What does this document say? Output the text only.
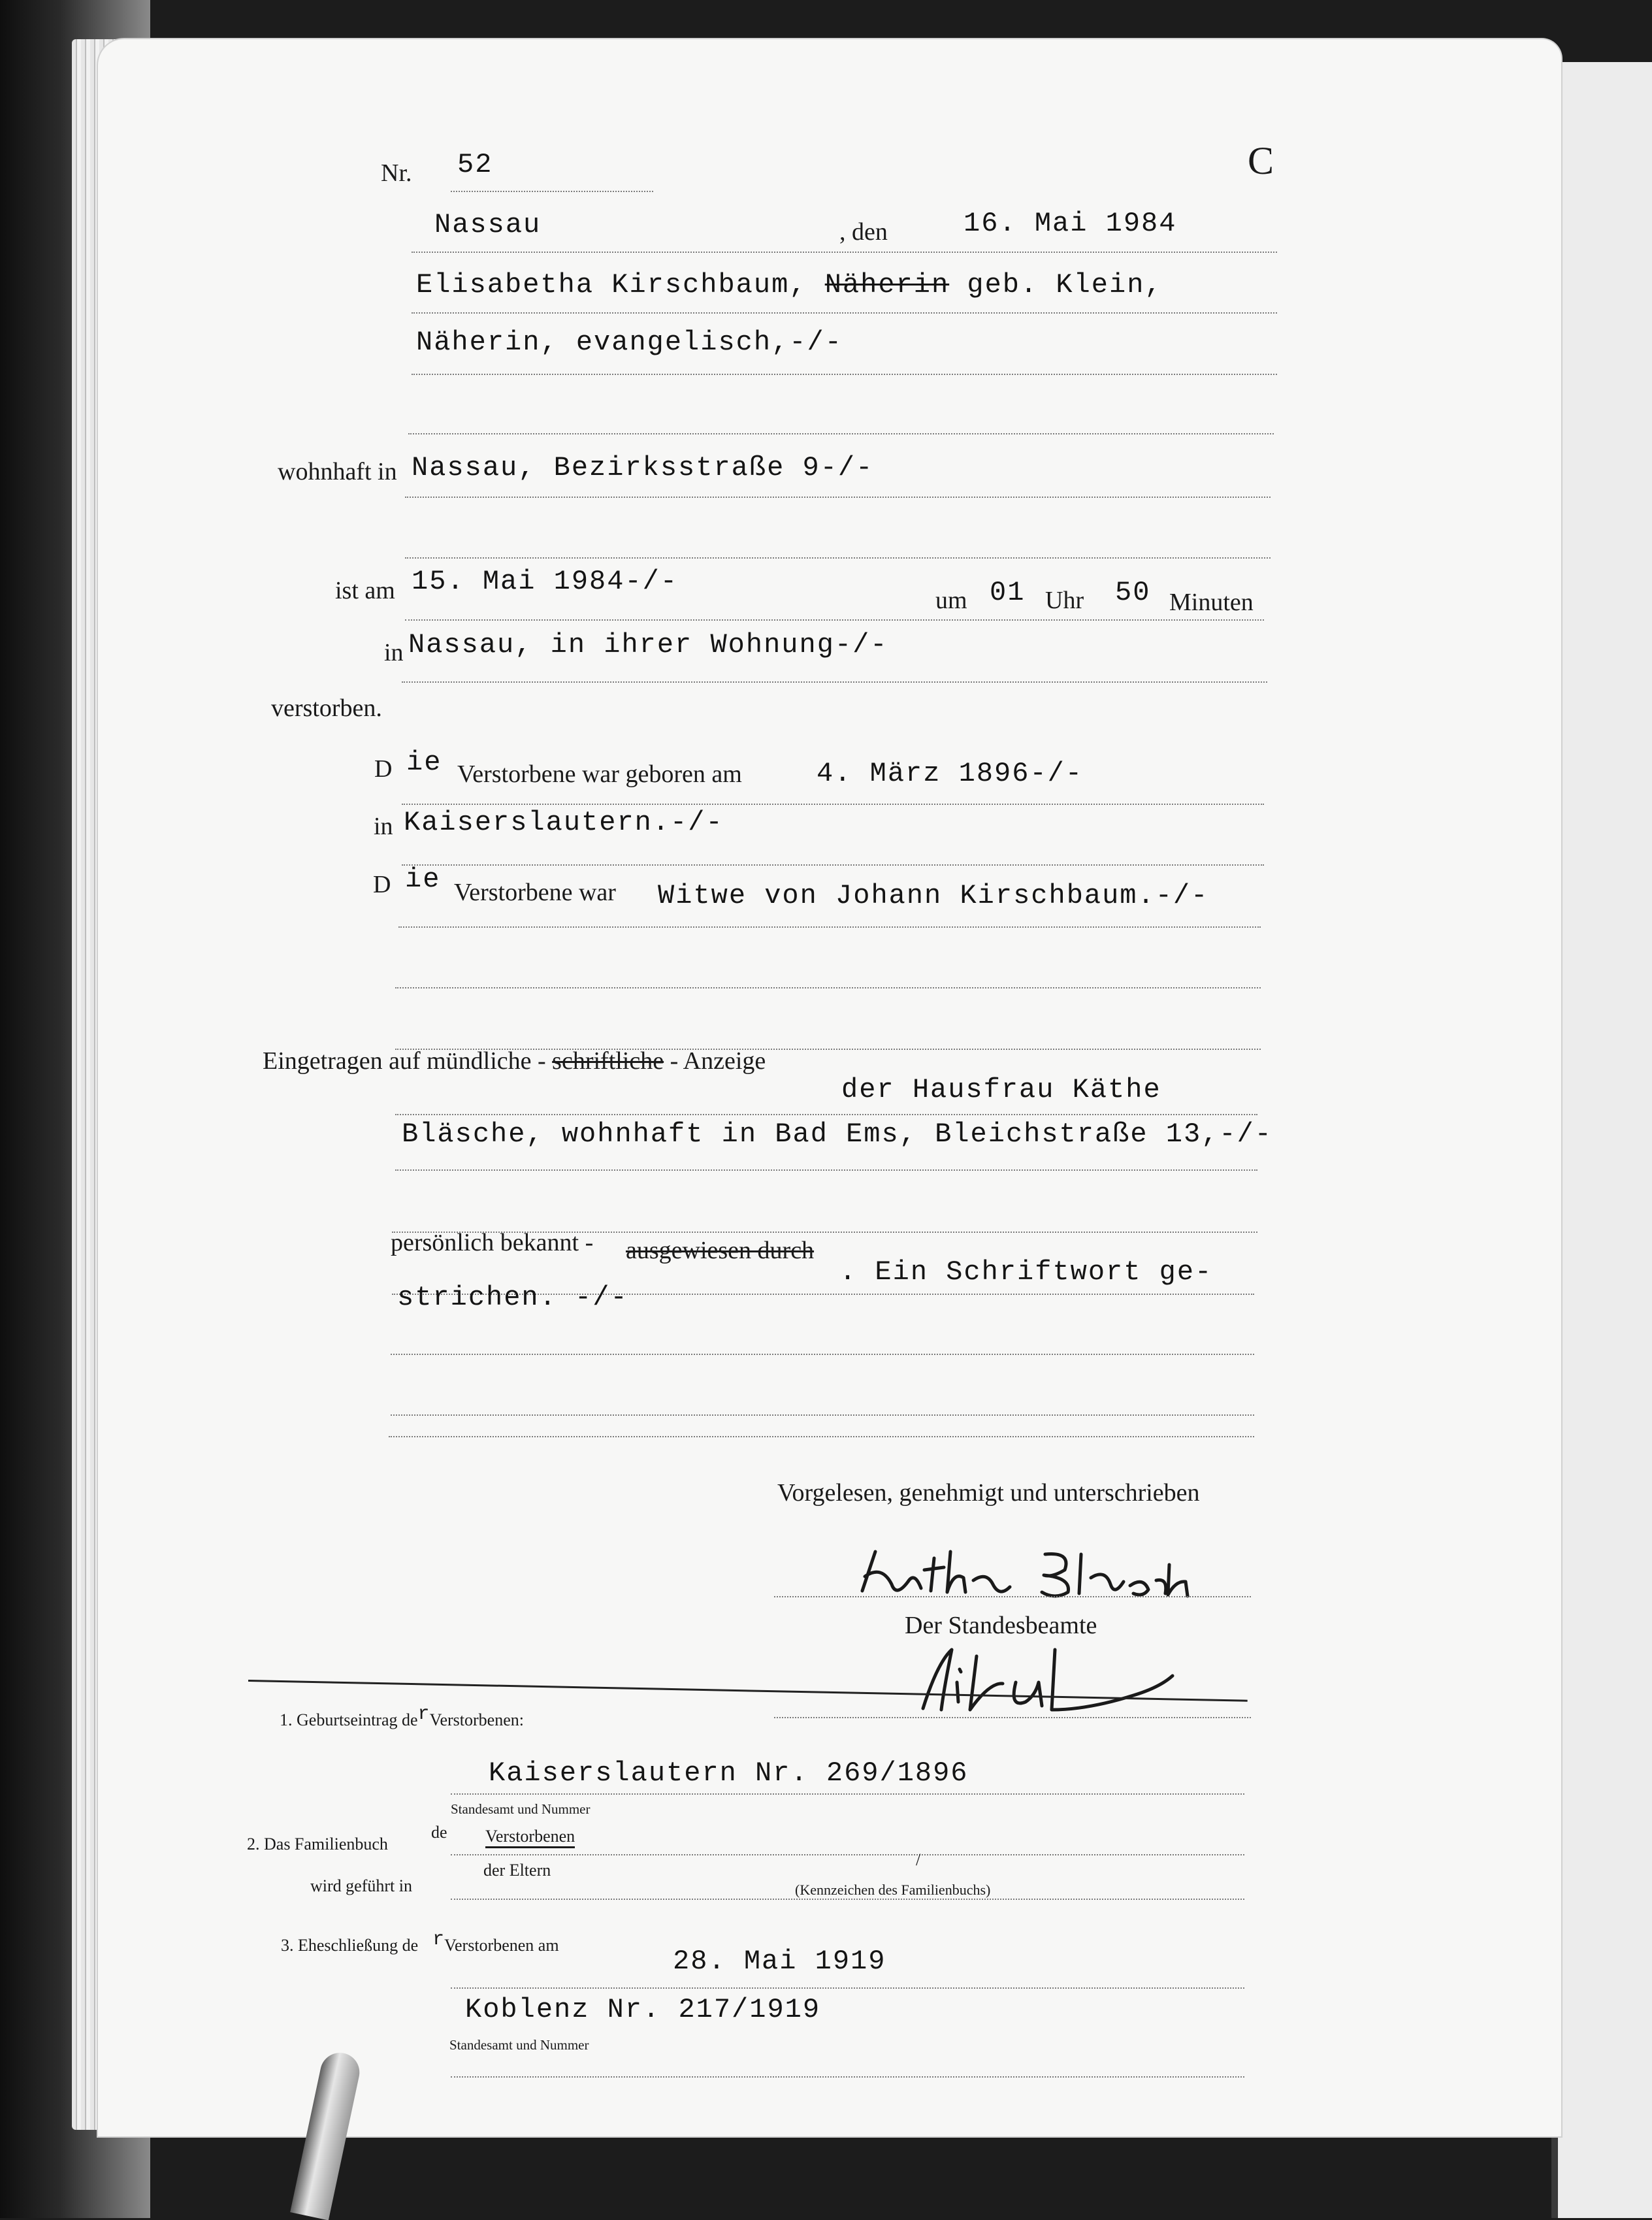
Nr. 52	C
Nassau	, den	16. Mai 1984
Elisabetha Kirschbaum, Näherin geb. Klein,
Näherin, evangelisch,-/-
wohnhaft in Nassau, Bezirksstraße 9-/-
ist am 15. Mai 1984-/-
um 01 Uhr 50 Minuten
in Nassau, in ihrer Wohnung-/-
verstorben.
D ie Verstorbene war geboren am	4. März 1896-/-
in Kaiserslautern.-/-
D ie Verstorbene war Witwe von Johann Kirschbaum.-/-
Eingetragen auf mündliche - schriftliche - Anzeige
der Hausfrau Käthe
Bläsche, wohnhaft in Bad Ems, Bleichstraße 13,-/-
persönlich bekannt - ausgewiesen durch
. Ein Schriftwort ge-
strichen. -/-
Vorgelesen, genehmigt und unterschrieben
Der Standesbeamte
1. Geburtseintrag derVerstorbenen:
Kaiserslautern Nr. 269/1896
Standesamt und Nummer
2. Das Familienbuch
de Verstorbenen
der Eltern
/
(Kennzeichen des Familienbuchs)
wird geführt in
3. Eheschließung de rVerstorbenen am
28. Mai 1919
Koblenz Nr. 217/1919
Standesamt und Nummer
